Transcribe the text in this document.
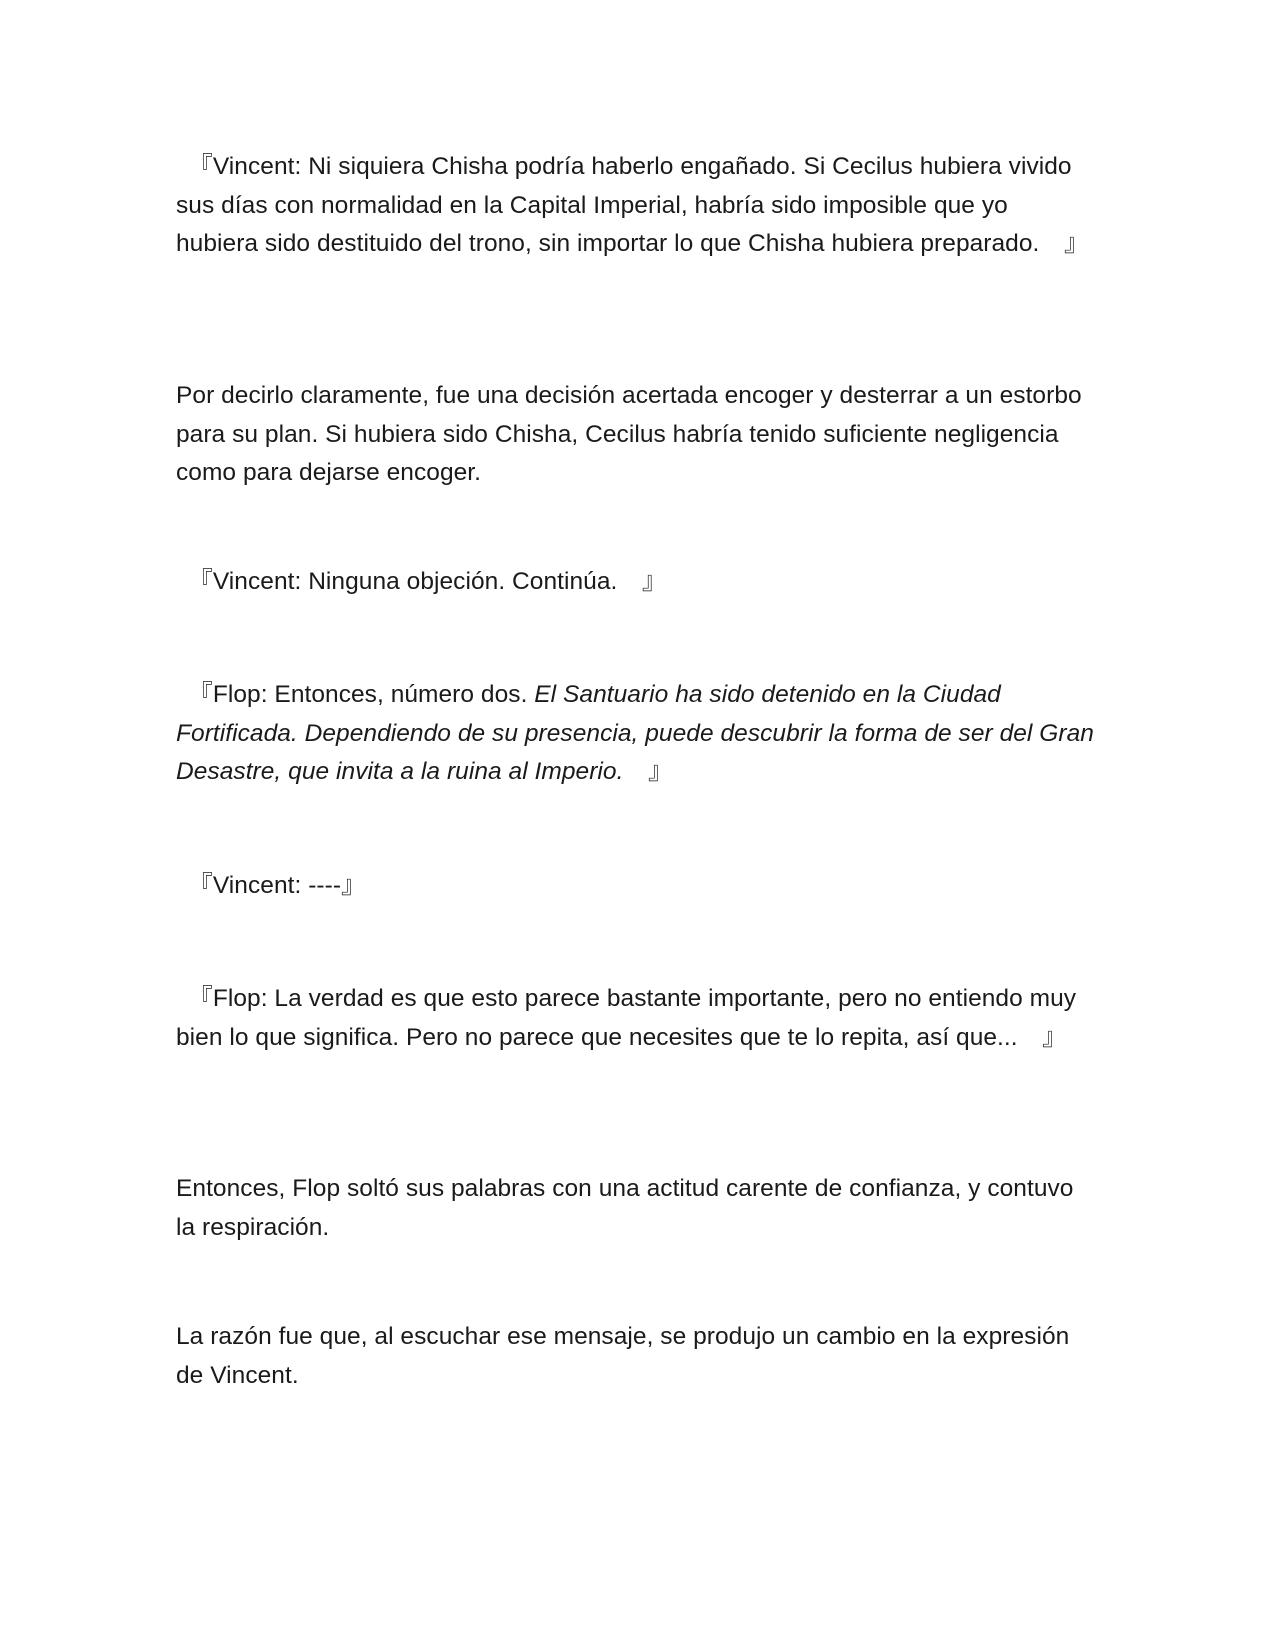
　『Vincent: Ni siquiera Chisha podría haberlo engañado. Si Cecilus hubiera vivido sus días con normalidad en la Capital Imperial, habría sido imposible que yo hubiera sido destituido del trono, sin importar lo que Chisha hubiera preparado.　』

Por decirlo claramente, fue una decisión acertada encoger y desterrar a un estorbo para su plan. Si hubiera sido Chisha, Cecilus habría tenido suficiente negligencia como para dejarse encoger.

　『Vincent: Ninguna objeción. Continúa.　』

　『Flop: Entonces, número dos. El Santuario ha sido detenido en la Ciudad Fortificada. Dependiendo de su presencia, puede descubrir la forma de ser del Gran Desastre, que invita a la ruina al Imperio.　』

　『Vincent: ----』

　『Flop: La verdad es que esto parece bastante importante, pero no entiendo muy bien lo que significa. Pero no parece que necesites que te lo repita, así que...　』

Entonces, Flop soltó sus palabras con una actitud carente de confianza, y contuvo la respiración.

La razón fue que, al escuchar ese mensaje, se produjo un cambio en la expresión de Vincent.
